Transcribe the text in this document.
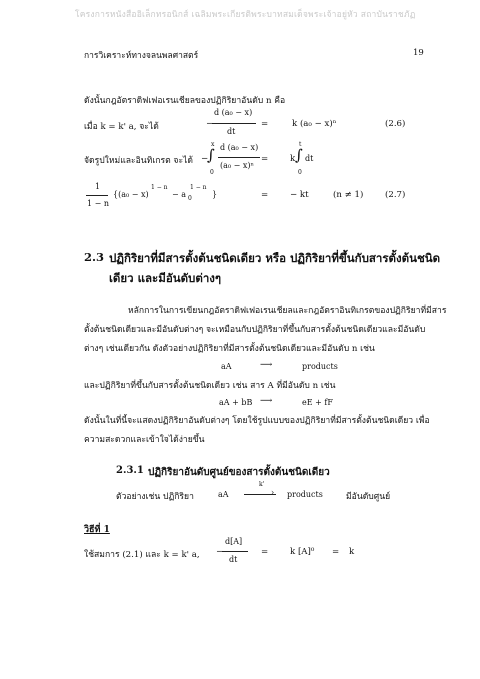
โครงการหนังสืออิเล็กทรอนิกส์ เฉลิมพระเกียรติพระบาทสมเด็จพระเจ้าอยู่หัว สถาบันราชภัฏ
การวิเคราะห์ทางจลนพลศาสตร์	19
ดังนั้นกฎอัตราดิฟเฟอเรนเชียลของปฏิกิริยาอันดับ n คือ
เมื่อ k = k' a, จะได้	−
d (a₀ − x)
dt
=	k (a₀ − x)ⁿ	(2.6)
จัดรูปใหม่และอินทิเกรต จะได้ −
x
∫
0
d (a₀ − x)
(a₀ − x)ⁿ
=	k
t
∫
0
dt
1
1 − n
{(a₀ − x)
1 − n
− a 0
1 − n
}	=	− kt	(n ≠ 1)	(2.7)
2.3 ปฏิกิริยาที่มีสารตั้งต้นชนิดเดียว หรือ ปฏิกิริยาที่ขึ้นกับสารตั้งต้นชนิด
เดียว และมีอันดับต่างๆ
หลักการในการเขียนกฎอัตราดิฟเฟอเรนเชียลและกฎอัตราอินทิเกรตของปฏิกิริยาที่มีสาร
ตั้งต้นชนิดเดียวและมีอันดับต่างๆ จะเหมือนกับปฏิกิริยาที่ขึ้นกับสารตั้งต้นชนิดเดียวและมีอันดับ
ต่างๆ เช่นเดียวกัน ดังตัวอย่างปฏิกิริยาที่มีสารตั้งต้นชนิดเดียวและมีอันดับ n เช่น
aA	⟶	products
และปฏิกิริยาที่ขึ้นกับสารตั้งต้นชนิดเดียว เช่น สาร A ที่มีอันดับ n เช่น
aA + bB ⟶	eE + fF
ดังนั้นในที่นี้จะแสดงปฏิกิริยาอันดับต่างๆ โดยใช้รูปแบบของปฏิกิริยาที่มีสารตั้งต้นชนิดเดียว เพื่อ
ความสะดวกและเข้าใจได้ง่ายขึ้น
2.3.1 ปฏิกิริยาอันดับศูนย์ของสารตั้งต้นชนิดเดียว
ตัวอย่างเช่น ปฏิกิริยา	aA
k'
› products	มีอันดับศูนย์
วิธีที่ 1
ใช้สมการ (2.1) และ k = k' a, −
d[A]
dt
=	k [A]⁰ = k
